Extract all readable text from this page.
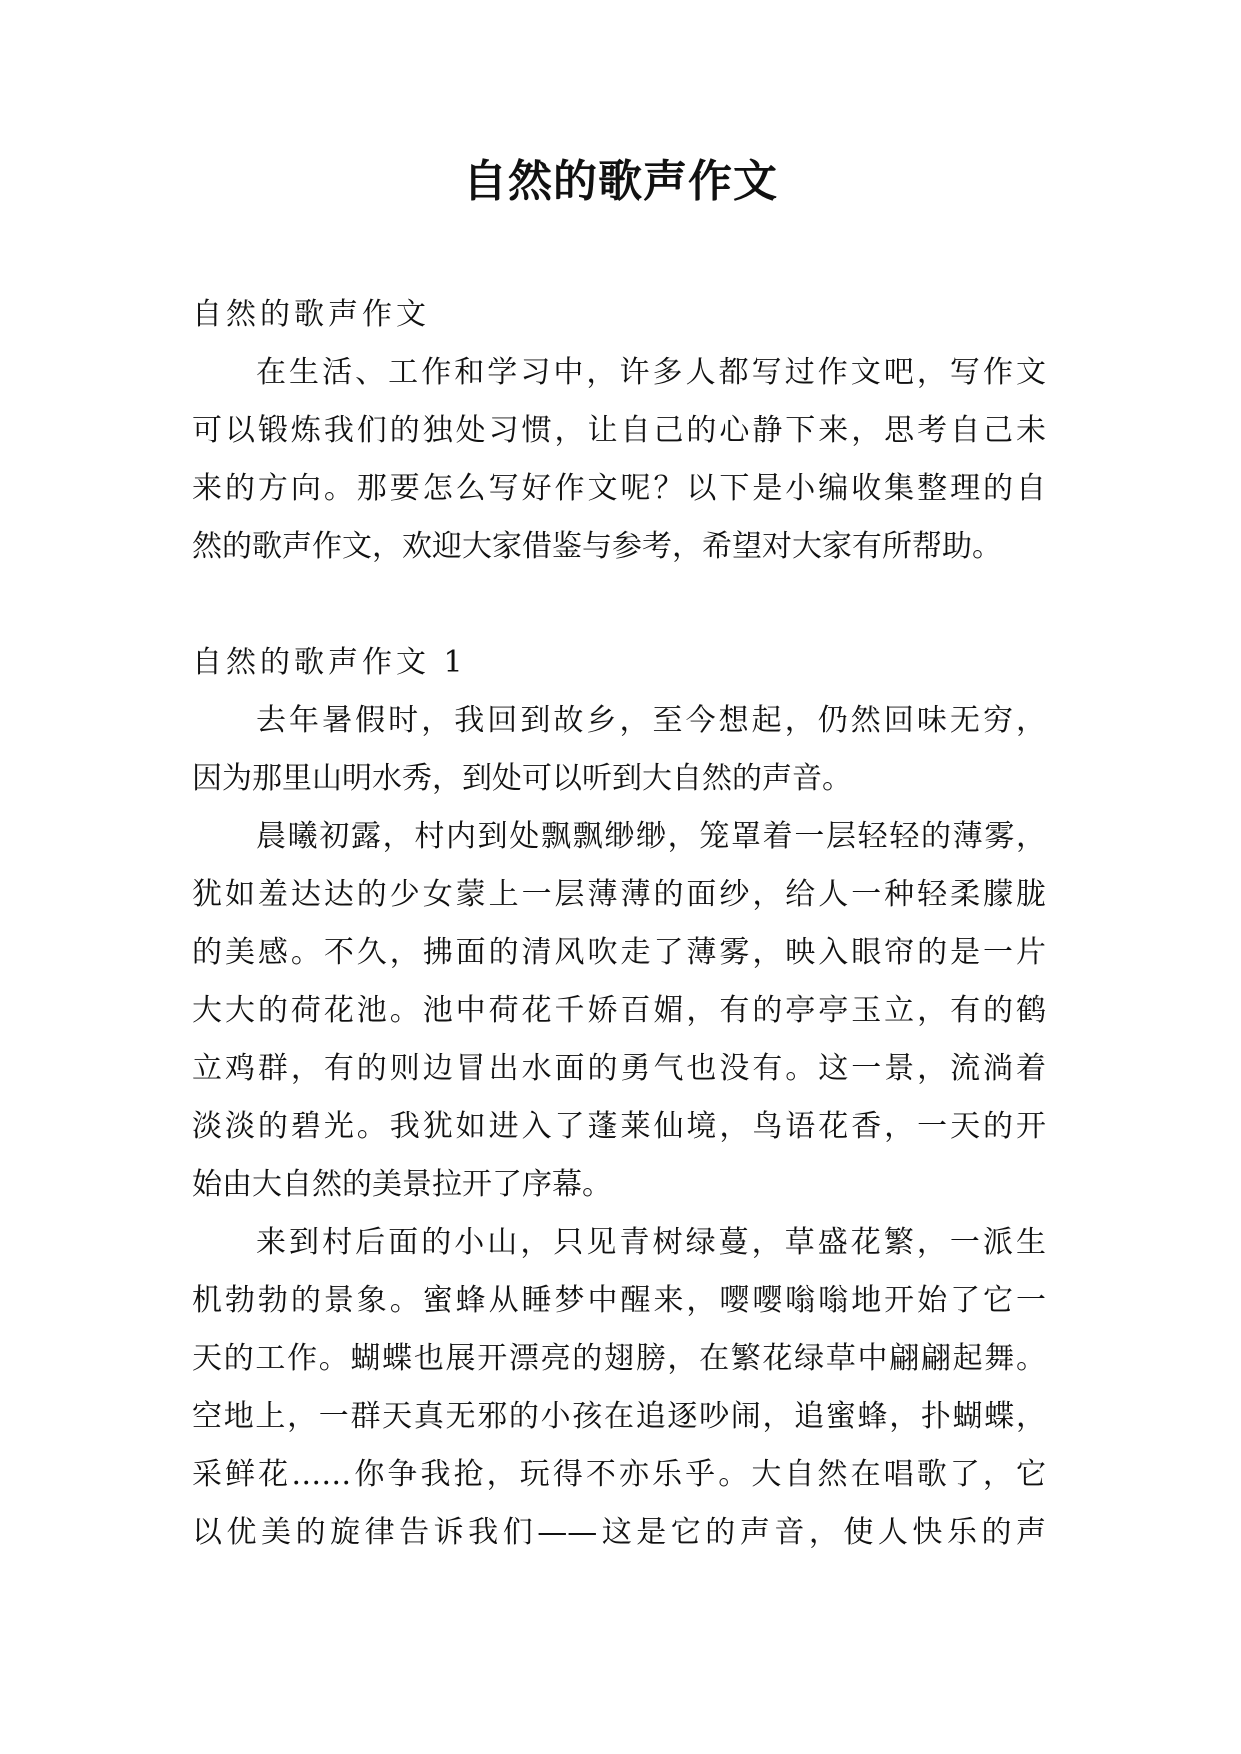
自然的歌声作文
自然的歌声作文
在生活、工作和学习中，许多人都写过作文吧，写作文
可以锻炼我们的独处习惯，让自己的心静下来，思考自己未
来的方向。那要怎么写好作文呢？以下是小编收集整理的自
然的歌声作文，欢迎大家借鉴与参考，希望对大家有所帮助。
自然的歌声作文 1
去年暑假时，我回到故乡，至今想起，仍然回味无穷，
因为那里山明水秀，到处可以听到大自然的声音。
晨曦初露，村内到处飘飘缈缈，笼罩着一层轻轻的薄雾，
犹如羞达达的少女蒙上一层薄薄的面纱，给人一种轻柔朦胧
的美感。不久，拂面的清风吹走了薄雾，映入眼帘的是一片
大大的荷花池。池中荷花千娇百媚，有的亭亭玉立，有的鹤
立鸡群，有的则边冒出水面的勇气也没有。这一景，流淌着
淡淡的碧光。我犹如进入了蓬莱仙境，鸟语花香，一天的开
始由大自然的美景拉开了序幕。
来到村后面的小山，只见青树绿蔓，草盛花繁，一派生
机勃勃的景象。蜜蜂从睡梦中醒来，嘤嘤嗡嗡地开始了它一
天的工作。蝴蝶也展开漂亮的翅膀，在繁花绿草中翩翩起舞。
空地上，一群天真无邪的小孩在追逐吵闹，追蜜蜂，扑蝴蝶，
采鲜花……你争我抢，玩得不亦乐乎。大自然在唱歌了，它
以优美的旋律告诉我们——这是它的声音，使人快乐的声
